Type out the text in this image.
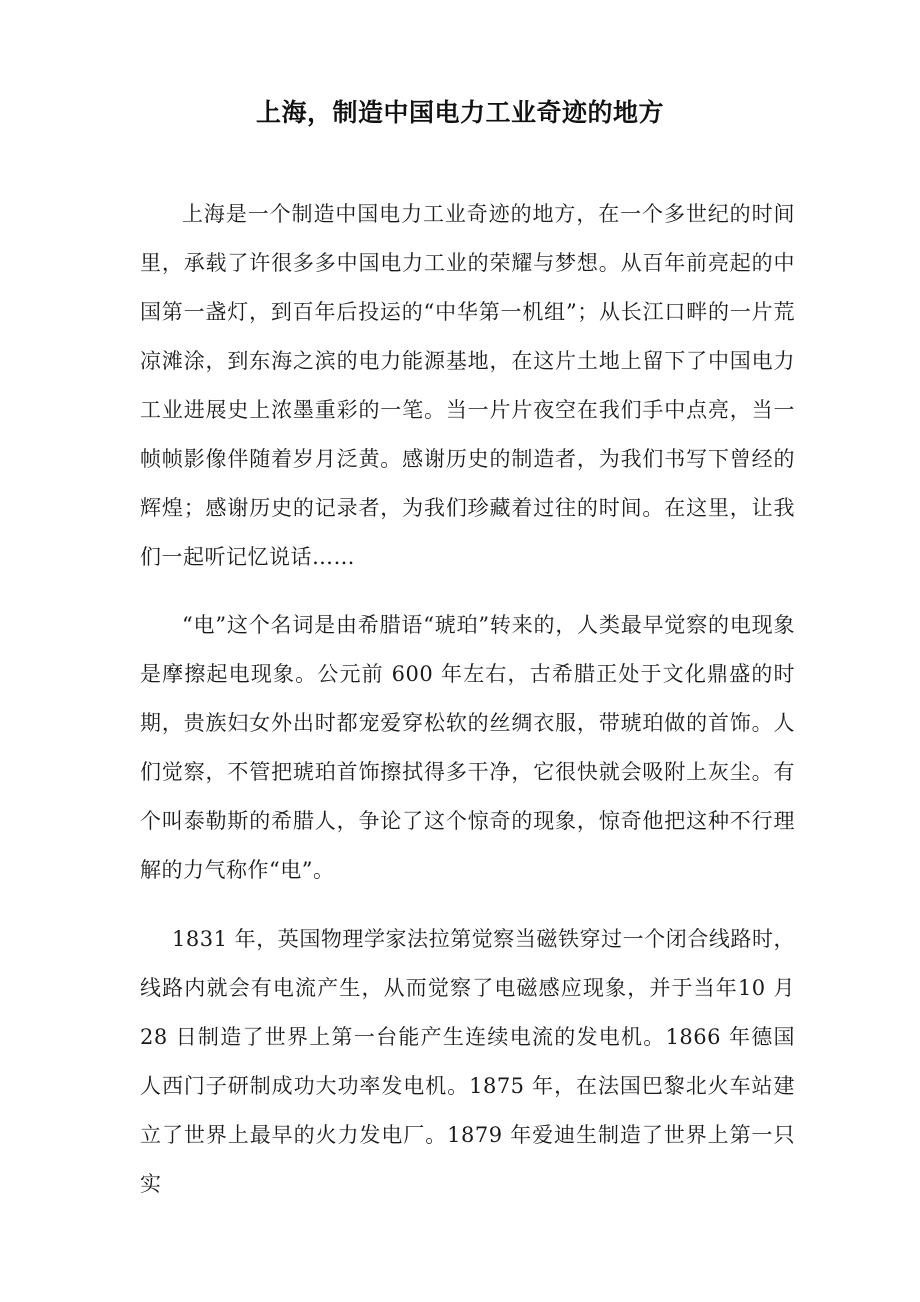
上海，制造中国电力工业奇迹的地方

上海是一个制造中国电力工业奇迹的地方，在一个多世纪的时间里，承载了许很多多中国电力工业的荣耀与梦想。从百年前亮起的中国第一盏灯，到百年后投运的“中华第一机组”；从长江口畔的一片荒凉滩涂，到东海之滨的电力能源基地，在这片土地上留下了中国电力工业进展史上浓墨重彩的一笔。当一片片夜空在我们手中点亮，当一帧帧影像伴随着岁月泛黄。感谢历史的制造者，为我们书写下曾经的辉煌；感谢历史的记录者，为我们珍藏着过往的时间。在这里，让我们一起听记忆说话……

“电”这个名词是由希腊语“琥珀”转来的，人类最早觉察的电现象是摩擦起电现象。公元前 600 年左右，古希腊正处于文化鼎盛的时期，贵族妇女外出时都宠爱穿松软的丝绸衣服，带琥珀做的首饰。人们觉察，不管把琥珀首饰擦拭得多干净，它很快就会吸附上灰尘。有个叫泰勒斯的希腊人，争论了这个惊奇的现象，惊奇他把这种不行理解的力气称作“电”。

1831 年，英国物理学家法拉第觉察当磁铁穿过一个闭合线路时，线路内就会有电流产生，从而觉察了电磁感应现象，并于当年10 月28 日制造了世界上第一台能产生连续电流的发电机。1866 年德国人西门子研制成功大功率发电机。1875 年，在法国巴黎北火车站建立了世界上最早的火力发电厂。1879 年爱迪生制造了世界上第一只实
